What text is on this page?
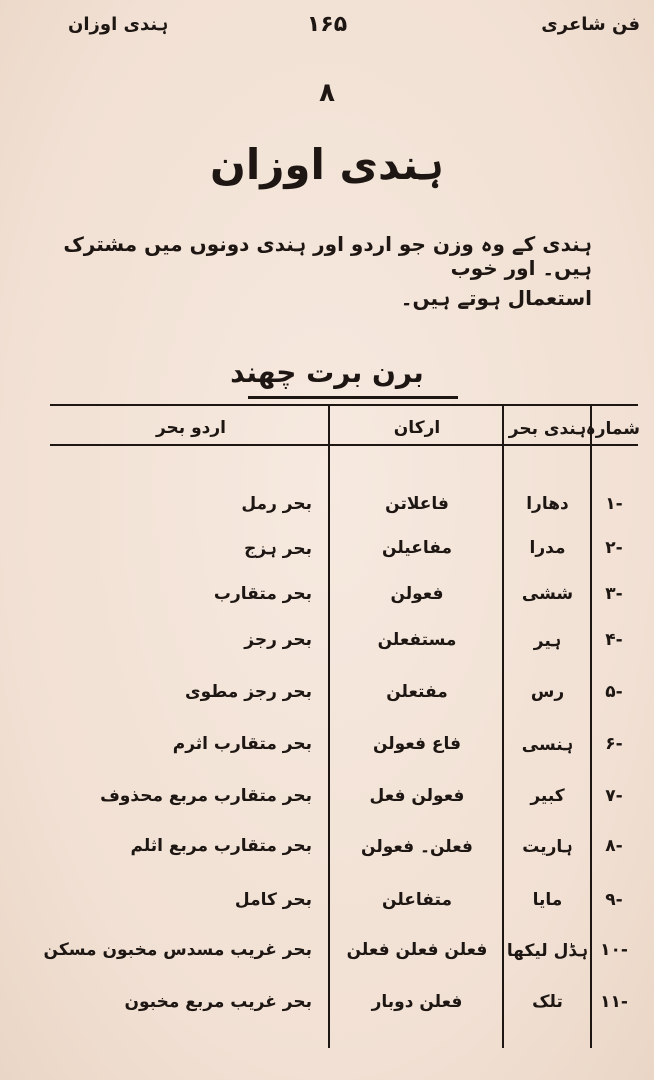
فن شاعری
۱۶۵
ہندی اوزان
۸
ہندی اوزان
ہندی کے وہ وزن جو اردو اور ہندی دونوں میں مشترک ہیں۔ اور خوب
استعمال ہوتے ہیں۔
برن برت چھند
شمارہ
ہندی بحر
ارکان
اردو بحر
۱-
دھارا
فاعلاتن
بحر رمل
۲-
مدرا
مفاعیلن
بحر ہزج
۳-
ششی
فعولن
بحر متقارب
۴-
ہیر
مستفعلن
بحر رجز
۵-
رس
مفتعلن
بحر رجز مطوی
۶-
ہنسی
فاع فعولن
بحر متقارب اثرم
۷-
کبیر
فعولن فعل
بحر متقارب مربع محذوف
۸-
ہاریت
فعلن۔ فعولن
بحر متقارب مربع اثلم
۹-
مایا
متفاعلن
بحر کامل
۱۰-
ہڈل لیکھا
فعلن فعلن فعلن
بحر غریب مسدس مخبون مسکن
۱۱-
تلک
فعلن دوبار
بحر غریب مربع مخبون
